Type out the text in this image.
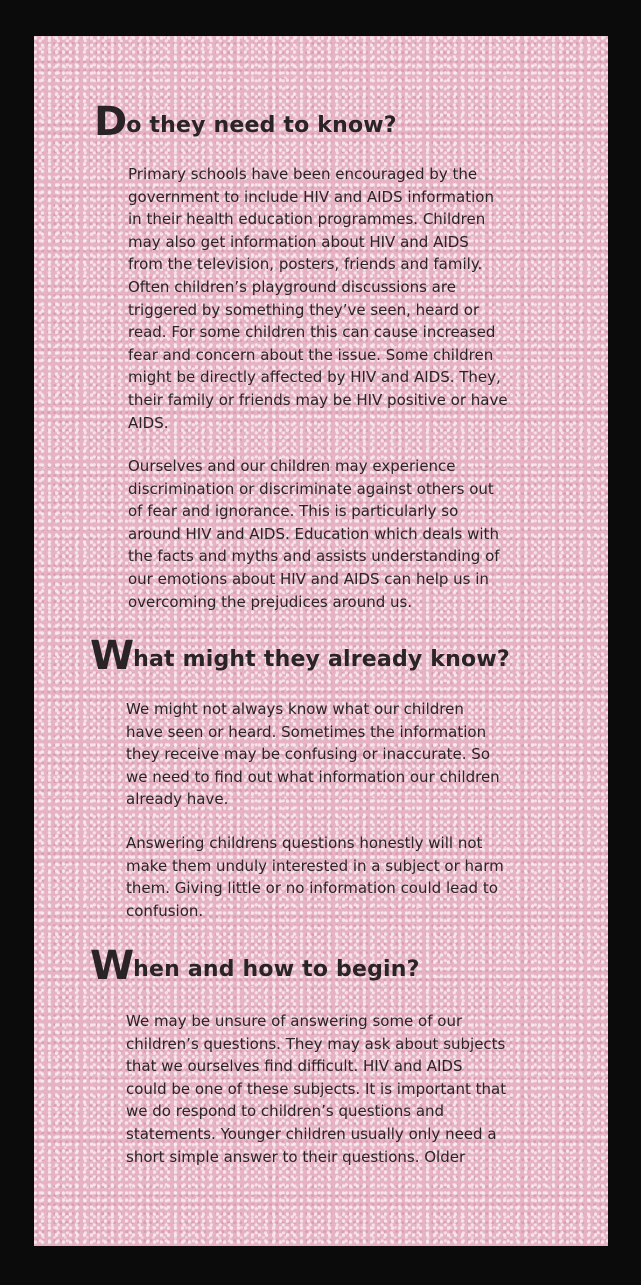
Do they need to know?

Primary schools have been encouraged by the
government to include HIV and AIDS information
in their health education programmes. Children
may also get information about HIV and AIDS
from the television, posters, friends and family.
Often children’s playground discussions are
triggered by something they’ve seen, heard or
read. For some children this can cause increased
fear and concern about the issue. Some children
might be directly affected by HIV and AIDS. They,
their family or friends may be HIV positive or have
AIDS.

Ourselves and our children may experience
discrimination or discriminate against others out
of fear and ignorance. This is particularly so
around HIV and AIDS. Education which deals with
the facts and myths and assists understanding of
our emotions about HIV and AIDS can help us in
overcoming the prejudices around us.

What might they already know?

We might not always know what our children
have seen or heard. Sometimes the information
they receive may be confusing or inaccurate. So
we need to find out what information our children
already have.

Answering childrens questions honestly will not
make them unduly interested in a subject or harm
them. Giving little or no information could lead to
confusion.

When and how to begin?

We may be unsure of answering some of our
children’s questions. They may ask about subjects
that we ourselves find difficult. HIV and AIDS
could be one of these subjects. It is important that
we do respond to children’s questions and
statements. Younger children usually only need a
short simple answer to their questions. Older
